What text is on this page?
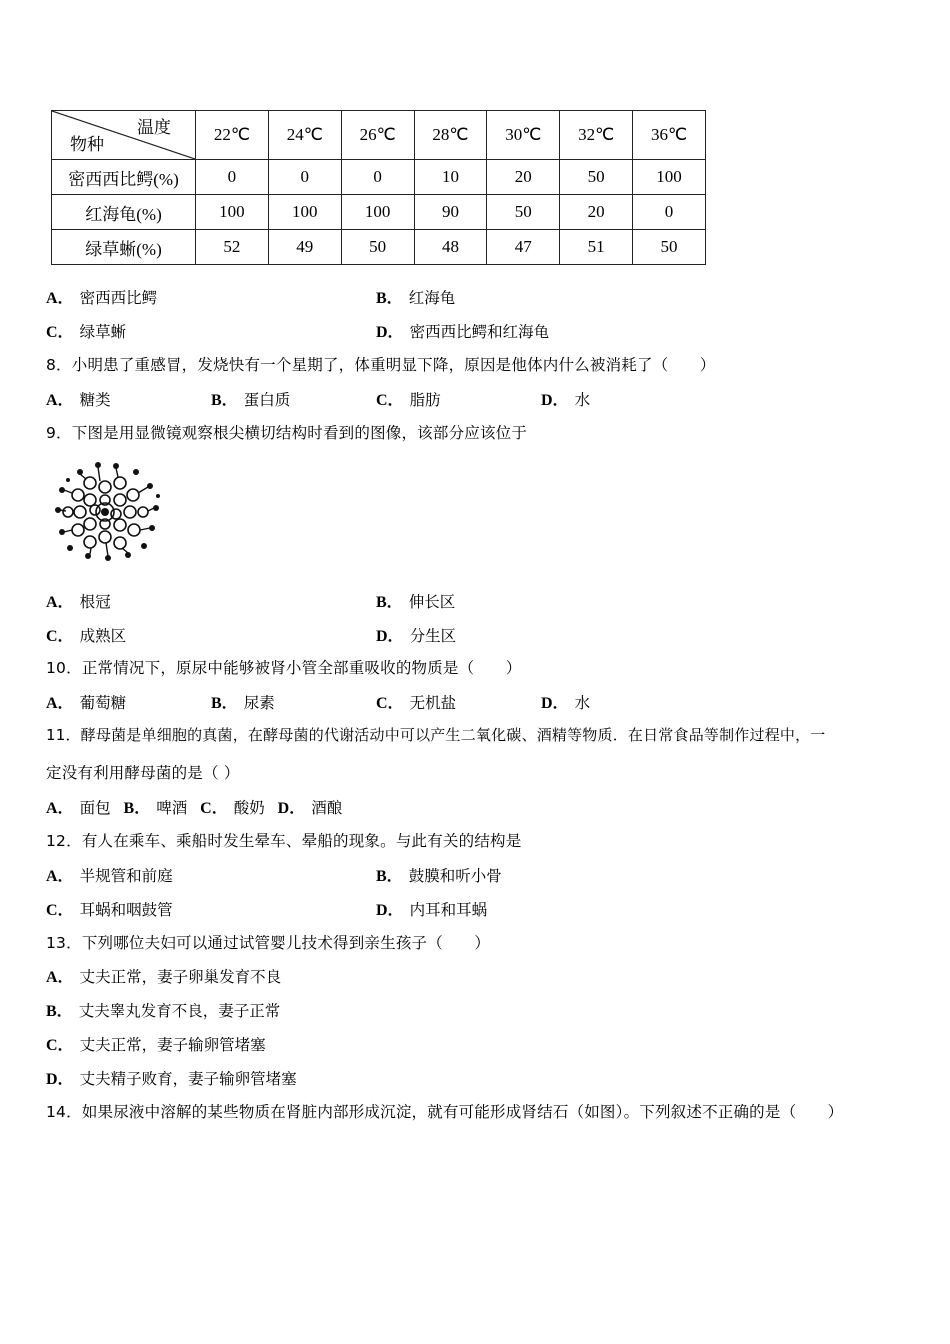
温度
物种	22℃	24℃	26℃	28℃	30℃	32℃	36℃
密西西比鳄(%)	0	0	0	10	20	50	100
红海龟(%)	100	100	100	90	50	20	0
绿草蜥(%)	52	49	50	48	47	51	50
A． 密西西比鳄	B． 红海龟
C． 绿草蜥	D． 密西西比鳄和红海龟
8．小明患了重感冒，发烧快有一个星期了，体重明显下降，原因是他体内什么被消耗了（　　）
A． 糖类	B． 蛋白质	C． 脂肪	D． 水
9．下图是用显微镜观察根尖横切结构时看到的图像，该部分应该位于
A． 根冠	B． 伸长区
C． 成熟区	D． 分生区
10．正常情况下，原尿中能够被肾小管全部重吸收的物质是（　　）
A． 葡萄糖	B． 尿素	C． 无机盐	D． 水
11．酵母菌是单细胞的真菌，在酵母菌的代谢活动中可以产生二氧化碳、酒精等物质．在日常食品等制作过程中，一
定没有利用酵母菌的是（ ）
A． 面包 B． 啤酒 C． 酸奶 D． 酒酿
12．有人在乘车、乘船时发生晕车、晕船的现象。与此有关的结构是
A． 半规管和前庭	B． 鼓膜和听小骨
C． 耳蜗和咽鼓管	D． 内耳和耳蜗
13．下列哪位夫妇可以通过试管婴儿技术得到亲生孩子（　　）
A． 丈夫正常，妻子卵巢发育不良
B． 丈夫睾丸发育不良，妻子正常
C． 丈夫正常，妻子输卵管堵塞
D． 丈夫精子败育，妻子输卵管堵塞
14．如果尿液中溶解的某些物质在肾脏内部形成沉淀，就有可能形成肾结石（如图）。下列叙述不正确的是（　　）
